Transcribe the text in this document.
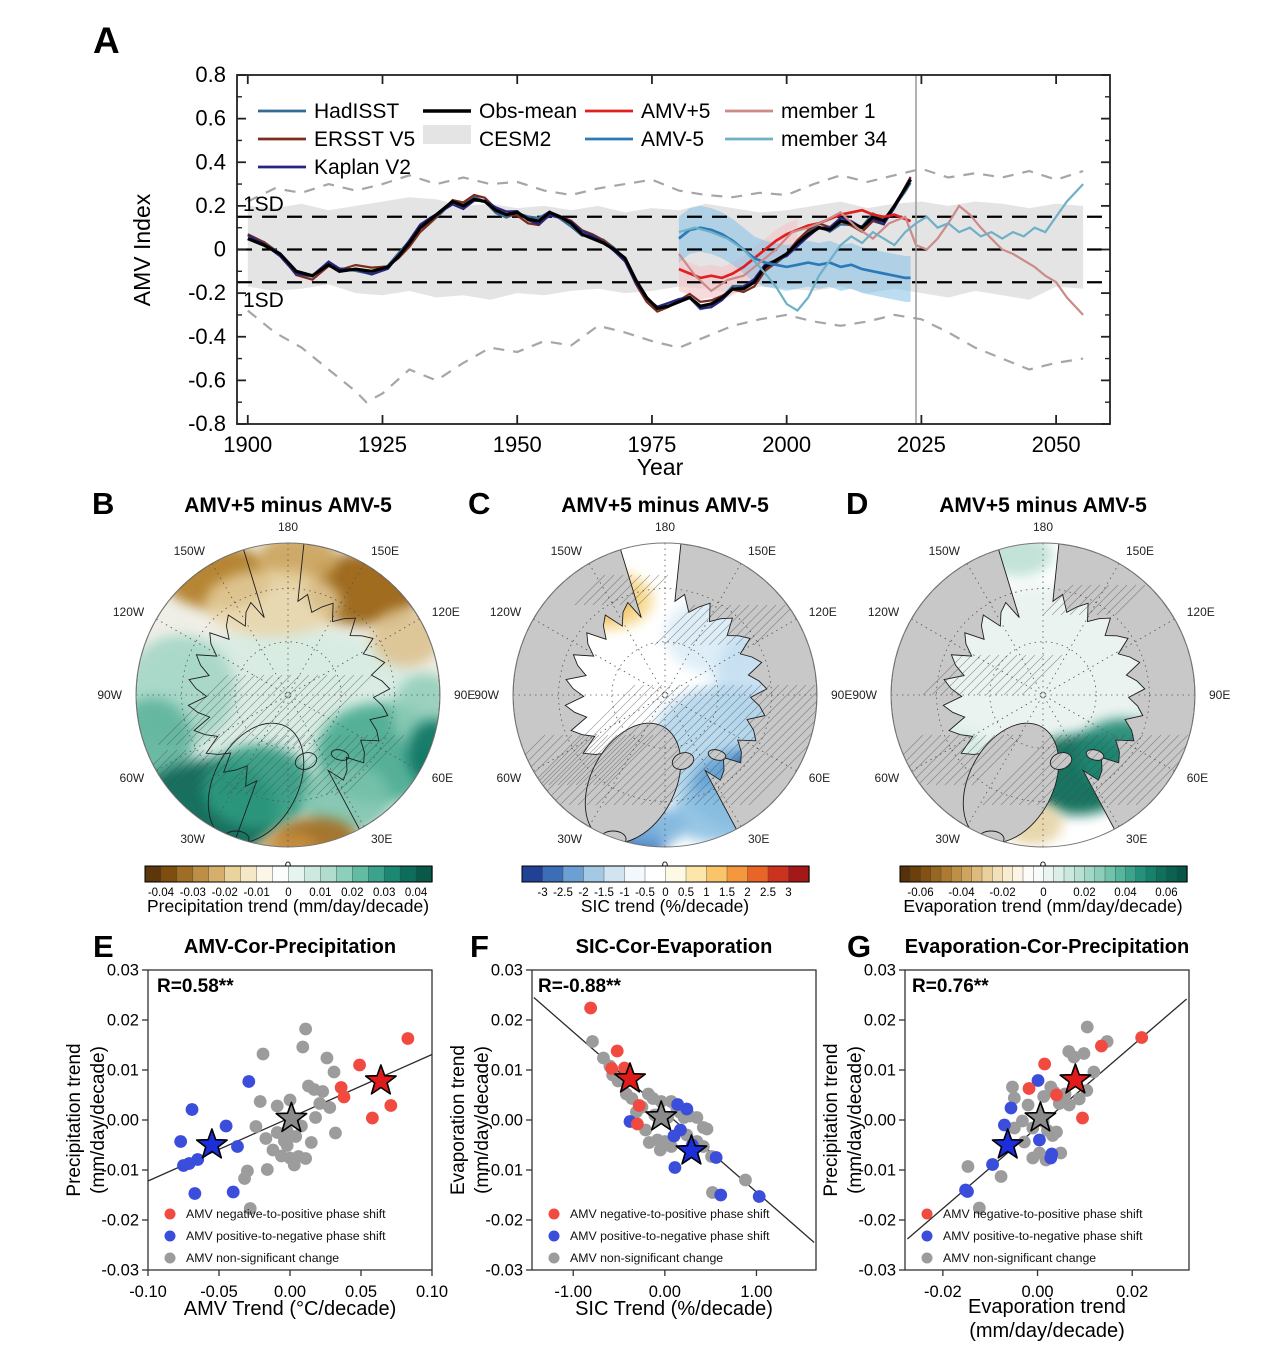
A
B	C	D
E	F	G
AMV+5 minus AMV-5	AMV+5 minus AMV-5	AMV+5 minus AMV-5
Precipitation trend (mm/day/decade)	SIC trend (%/decade)	Evaporation trend (mm/day/decade)
AMV-Cor-Precipitation	SIC-Cor-Evaporation	Evaporation-Cor-Precipitation
R=0.58**	R=-0.88**	R=0.76**
Year
AMV Trend (°C/decade)	SIC Trend (%/decade)	Evaporation trend
(mm/day/decade)
1900	1925	1950	1975	2000	2025	2050
-0.8
-0.6
-0.4
-0.2
0
0.2
0.4
0.6
0.8
AMV Index	1SD
1SD
HadISST
ERSST V5
Kaplan V2
Obs-mean
CESM2
AMV+5
AMV-5
member 1
member 34
180
150E
120E
90E
60E
30E
30W
60W
90W
120W
150W
-0.04 -0.03 -0.02 -0.01 0 0.01 0.02 0.03 0.04
180
150E
120E
90E
60E
30E
30W
60W
90W
120W
150W
-3 -2.5 -2 -1.5 -1 -0.5 0 0.5 1 1.5 2 2.5 3
180
150E
120E
90E
60E
30E
30W
60W
90W
120W
150W
-0.06 -0.04 -0.02 0 0.02 0.04 0.06
-0.10 -0.05 0.00 0.05 0.10
0.03
0.02
0.01
0.00
-0.01
-0.02
-0.03
Precipitation trend (mm/day/decade)
AMV negative-to-positive phase shift
AMV positive-to-negative phase shift
AMV non-significant change
-1.00	0.00	1.00
0.03
0.02
0.01
0.00
-0.01
-0.02
-0.03
Evaporation trend (mm/day/decade)
AMV negative-to-positive phase shift
AMV positive-to-negative phase shift
AMV non-significant change
-0.02	0.00	0.02
0.03
0.02
0.01
0.00
-0.01
-0.02
-0.03
Precipitation trend (mm/day/decade)
AMV negative-to-positive phase shift
AMV positive-to-negative phase shift
AMV non-significant change
